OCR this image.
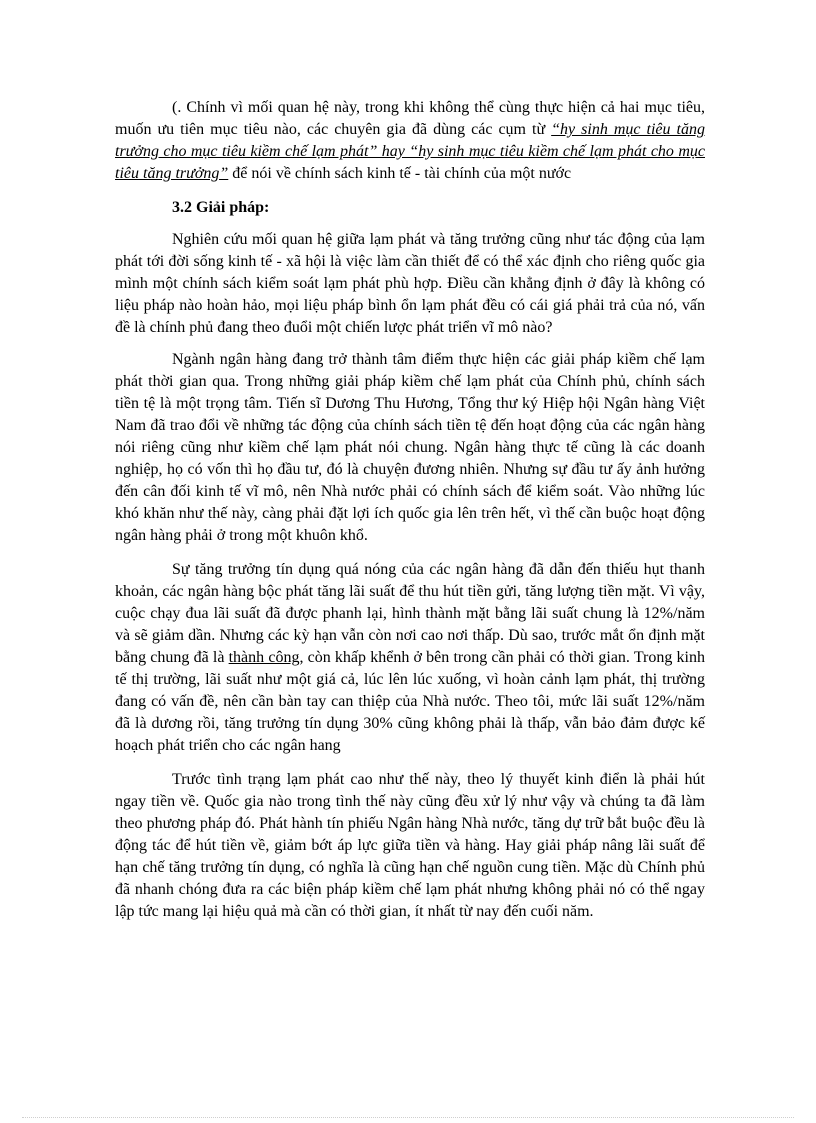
(. Chính vì mối quan hệ này, trong khi không thể cùng thực hiện cả hai mục tiêu, muốn ưu tiên mục tiêu nào, các chuyên gia đã dùng các cụm từ “hy sinh mục tiêu tăng trưởng cho mục tiêu kiềm chế lạm phát” hay “hy sinh mục tiêu kiềm chế lạm phát cho mục tiêu tăng trưởng” để nói về chính sách kinh tế - tài chính của một nước

3.2 Giải pháp:

Nghiên cứu mối quan hệ giữa lạm phát và tăng trưởng cũng như tác động của lạm phát tới đời sống kinh tế - xã hội là việc làm cần thiết để có thể xác định cho riêng quốc gia mình một chính sách kiểm soát lạm phát phù hợp. Điều cần khẳng định ở đây là không có liệu pháp nào hoàn hảo, mọi liệu pháp bình ổn lạm phát đều có cái giá phải trả của nó, vấn đề là chính phủ đang theo đuổi một chiến lược phát triển vĩ mô nào?

Ngành ngân hàng đang trở thành tâm điểm thực hiện các giải pháp kiềm chế lạm phát thời gian qua. Trong những giải pháp kiềm chế lạm phát của Chính phủ, chính sách tiền tệ là một trọng tâm. Tiến sĩ Dương Thu Hương, Tổng thư ký Hiệp hội Ngân hàng Việt Nam đã trao đổi về những tác động của chính sách tiền tệ đến hoạt động của các ngân hàng nói riêng cũng như kiềm chế lạm phát nói chung. Ngân hàng thực tế cũng là các doanh nghiệp, họ có vốn thì họ đầu tư, đó là chuyện đương nhiên. Nhưng sự đầu tư ấy ảnh hưởng đến cân đối kinh tế vĩ mô, nên Nhà nước phải có chính sách để kiểm soát. Vào những lúc khó khăn như thế này, càng phải đặt lợi ích quốc gia lên trên hết, vì thế cần buộc hoạt động ngân hàng phải ở trong một khuôn khổ.

Sự tăng trưởng tín dụng quá nóng của các ngân hàng đã dẫn đến thiếu hụt thanh khoản, các ngân hàng bộc phát tăng lãi suất để thu hút tiền gửi, tăng lượng tiền mặt. Vì vậy, cuộc chạy đua lãi suất đã được phanh lại, hình thành mặt bằng lãi suất chung là 12%/năm và sẽ giảm dần. Nhưng các kỳ hạn vẫn còn nơi cao nơi thấp. Dù sao, trước mắt ổn định mặt bằng chung đã là thành công, còn khấp khểnh ở bên trong cần phải có thời gian. Trong kinh tế thị trường, lãi suất như một giá cả, lúc lên lúc xuống, vì hoàn cảnh lạm phát, thị trường đang có vấn đề, nên cần bàn tay can thiệp của Nhà nước. Theo tôi, mức lãi suất 12%/năm đã là dương rồi, tăng trưởng tín dụng 30% cũng không phải là thấp, vẫn bảo đảm được kế hoạch phát triển cho các ngân hang

Trước tình trạng lạm phát cao như thế này, theo lý thuyết kinh điển là phải hút ngay tiền về. Quốc gia nào trong tình thế này cũng đều xử lý như vậy và chúng ta đã làm theo phương pháp đó. Phát hành tín phiếu Ngân hàng Nhà nước, tăng dự trữ bắt buộc đều là động tác để hút tiền về, giảm bớt áp lực giữa tiền và hàng. Hay giải pháp nâng lãi suất để hạn chế tăng trưởng tín dụng, có nghĩa là cũng hạn chế nguồn cung tiền. Mặc dù Chính phủ đã nhanh chóng đưa ra các biện pháp kiềm chế lạm phát nhưng không phải nó có thể ngay lập tức mang lại hiệu quả mà cần có thời gian, ít nhất từ nay đến cuối năm.
